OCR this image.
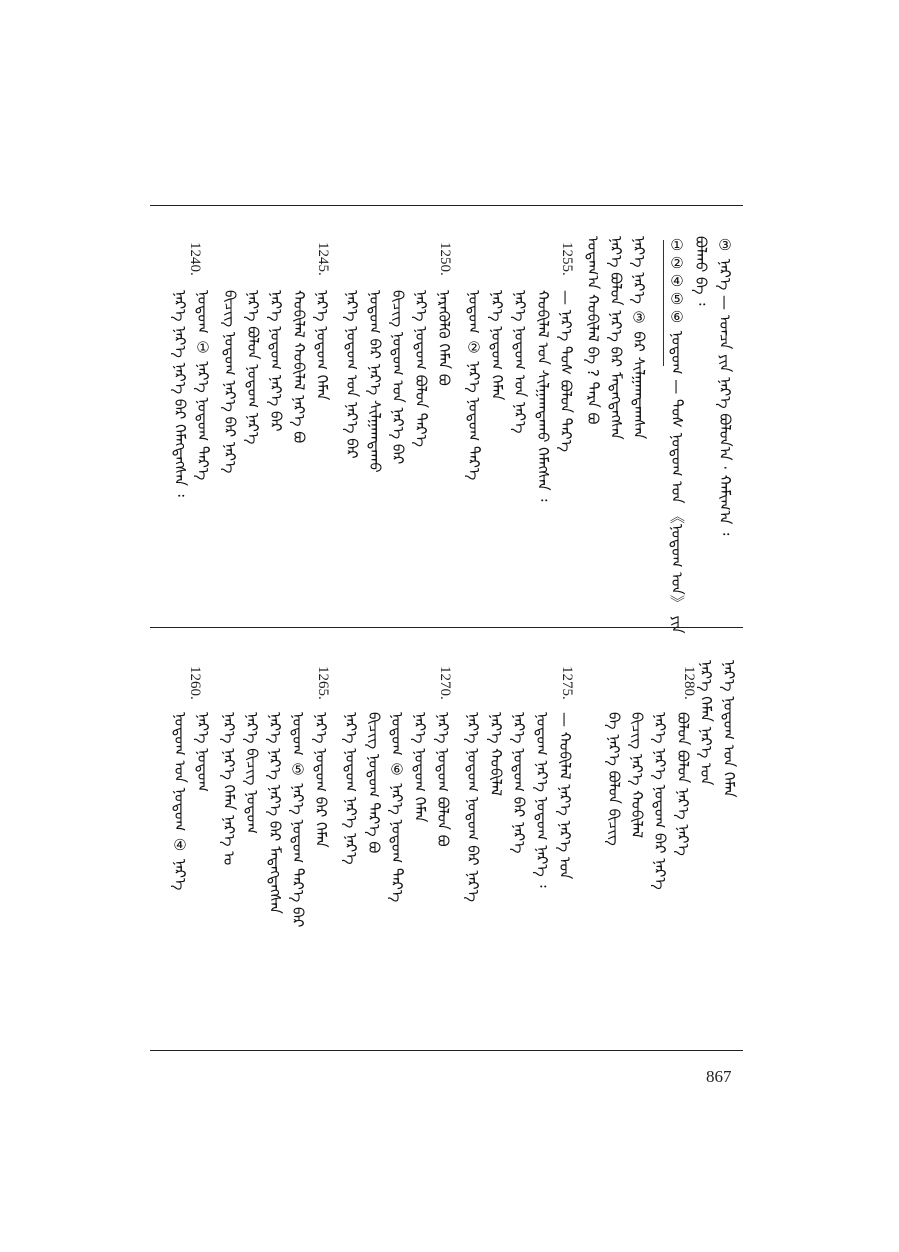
③ ᠨᠡᠷ᠎ᠡ — ᠣᠨᠴᠠ ᠶᠢᠨ ᠨᠡᠷ᠎ᠡ ᠪᠣᠯᠤᠨ᠎ᠠ · ᠬᠠᠮᠢᠭ᠎ᠠ ᠄
ᠪᠣᠯᠬᠤ ᠪᠠ ᠄
①②④⑤⑥ ᠨᠤᠲᠤᠭ — ᠲᠤᠰ ᠨᠤᠲᠤᠭ ᠤᠨ 《ᠨᠤᠲᠤᠭ ᠤᠨ》 ᠶᠢᠨ
ᠨᠡᠷ᠎ᠡ ᠨᠡᠷ᠎ᠡ ③ ᠪᠠᠷ ᠰᠢᠯᠭᠠᠭᠳᠠᠭᠰᠠᠨ
ᠨᠡᠷ᠎ᠡ ᠪᠣᠯᠤᠨ ᠨᠡᠷ᠎ᠡ ᠪᠠᠷ ᠮᠡᠳᠡᠭᠳᠡᠭᠰᠡᠨ
ᠤᠳᠠᠭ᠎ᠠ ᠬᠤᠪᠢᠯᠠᠯ ᠪᠠ ? ᠲᠡᠷᠡ ᠪᠤ
— ᠨᠡᠷ᠎ᠡ ᠲᠤᠰ ᠪᠣᠯᠤᠨ ᠲᠡᠷ᠎ᠡ
ᠬᠤᠪᠢᠯᠠᠯ ᠤᠨ ᠰᠢᠯᠭᠠᠭᠳᠠᠬᠤ ᠬᠡᠮᠡᠭᠰᠡᠨ ᠄
ᠨᠡᠷ᠎ᠡ ᠨᠤᠲᠤᠭ ᠤᠨ ᠨᠡᠷ᠎ᠡ
ᠨᠡᠷ᠎ᠡ ᠨᠤᠲᠤᠭ ᠬᠡᠮᠡᠨ
ᠨᠤᠲᠤᠭ ② ᠨᠡᠷ᠎ᠡ ᠨᠤᠲᠤᠭ ᠲᠡᠷ᠎ᠡ
ᠨᠡᠷᠡᠬᠦᠯᠬᠦ ᠬᠡᠮᠡᠨ ᠪᠤ
ᠨᠡᠷ᠎ᠡ ᠨᠤᠲᠤᠭ ᠪᠣᠯᠤᠨ ᠲᠡᠷ᠎ᠡ
ᠪᠢᠴᠢᠭ ᠨᠤᠲᠤᠭ ᠤᠨ ᠨᠡᠷ᠎ᠡ ᠪᠠᠷ
ᠨᠤᠲᠤᠭ ᠪᠠᠷ ᠨᠡᠷ᠎ᠡ ᠰᠢᠯᠭᠠᠭᠳᠠᠬᠤ
ᠨᠡᠷ᠎ᠡ ᠨᠤᠲᠤᠭ ᠤᠨ ᠨᠡᠷ᠎ᠡ ᠪᠠᠷ
ᠨᠡᠷ᠎ᠡ ᠨᠤᠲᠤᠭ ᠬᠡᠮᠡᠨ
ᠬᠤᠪᠢᠯᠠᠯ ᠬᠤᠪᠢᠯᠠᠯ ᠨᠡᠷ᠎ᠡ ᠪᠤ
ᠨᠡᠷ᠎ᠡ ᠨᠤᠲᠤᠭ ᠨᠡᠷ᠎ᠡ ᠪᠠᠷ
ᠨᠡᠷ᠎ᠡ ᠪᠣᠯᠤᠨ ᠨᠤᠲᠤᠭ ᠨᠡᠷ᠎ᠡ
ᠪᠢᠴᠢᠭ ᠨᠤᠲᠤᠭ ᠨᠡᠷ᠎ᠡ ᠪᠠᠷ ᠨᠡᠷ᠎ᠡ
ᠨᠤᠲᠤᠭ ① ᠨᠡᠷ᠎ᠡ ᠨᠤᠲᠤᠭ ᠲᠡᠷ᠎ᠡ
ᠨᠡᠷ᠎ᠡ ᠨᠡᠷ᠎ᠡ ᠨᠡᠷ᠎ᠡ ᠪᠠᠷ ᠬᠡᠮᠡᠭᠳᠡᠭᠰᠡᠨ ᠄
1255.
1250.
1245.
1240.
ᠨᠡᠷ᠎ᠡ ᠨᠤᠲᠤᠭ ᠤᠨ ᠬᠡᠮᠡᠨ
ᠨᠡᠷ᠎ᠡ ᠬᠡᠮᠡᠨ ᠨᠡᠷ᠎ᠡ ᠤᠨ
ᠪᠣᠯᠤᠨ ᠪᠣᠯᠤᠨ ᠨᠡᠷ᠎ᠡ ᠨᠡᠷ᠎ᠡ
ᠨᠡᠷ᠎ᠡ ᠨᠡᠷ᠎ᠡ ᠨᠤᠲᠤᠭ ᠪᠠᠷ ᠨᠡᠷ᠎ᠡ
ᠪᠢᠴᠢᠭ ᠨᠡᠷ᠎ᠡ ᠬᠤᠪᠢᠯᠠᠯ
ᠪᠠ ᠨᠡᠷ᠎ᠡ ᠪᠣᠯᠤᠨ ᠪᠢᠴᠢᠭ
— ᠬᠤᠪᠢᠯᠠᠯ ᠨᠡᠷ᠎ᠡ ᠨᠡᠷ᠎ᠡ ᠤᠨ
ᠨᠤᠲᠤᠭ ᠨᠡᠷ᠎ᠡ ᠨᠤᠲᠤᠭ ᠨᠡᠷ᠎ᠡ ᠄
ᠨᠡᠷ᠎ᠡ ᠨᠤᠲᠤᠭ ᠪᠠᠷ ᠨᠡᠷ᠎ᠡ
ᠨᠡᠷ᠎ᠡ ᠬᠤᠪᠢᠯᠠᠯ
ᠨᠡᠷ᠎ᠡ ᠨᠤᠲᠤᠭ ᠨᠤᠲᠤᠭ ᠪᠠᠷ ᠨᠡᠷ᠎ᠡ
ᠨᠡᠷ᠎ᠡ ᠨᠤᠲᠤᠭ ᠪᠣᠯᠤᠨ ᠪᠤ
ᠨᠡᠷ᠎ᠡ ᠨᠤᠲᠤᠭ ᠬᠡᠮᠡᠨ
ᠨᠤᠲᠤᠭ ⑥ ᠨᠡᠷ᠎ᠡ ᠨᠤᠲᠤᠭ ᠲᠡᠷ᠎ᠡ
ᠪᠢᠴᠢᠭ ᠨᠤᠲᠤᠭ ᠲᠡᠷ᠎ᠡ ᠪᠤ
ᠨᠡᠷ᠎ᠡ ᠨᠤᠲᠤᠭ ᠨᠡᠷ᠎ᠡ ᠨᠡᠷ᠎ᠡ
ᠨᠡᠷ᠎ᠡ ᠨᠤᠲᠤᠭ ᠪᠠᠷ ᠬᠡᠮᠡᠨ
ᠨᠤᠲᠤᠭ ⑤ ᠨᠡᠷ᠎ᠡ ᠨᠤᠲᠤᠭ ᠲᠡᠷ᠎ᠡ ᠪᠠᠷ
ᠨᠡᠷ᠎ᠡ ᠨᠡᠷ᠎ᠡ ᠨᠡᠷ᠎ᠡ ᠪᠠᠷ ᠮᠡᠳᠡᠭᠳᠡᠭᠰᠡᠨ
ᠨᠡᠷ᠎ᠡ ᠪᠢᠴᠢᠭ ᠨᠤᠲᠤᠭ
ᠨᠡᠷ᠎ᠡ ᠨᠡᠷ᠎ᠡ ᠬᠡᠮᠡᠨ ᠨᠡᠷ᠎ᠡ ᠣ
ᠨᠡᠷ᠎ᠡ ᠨᠤᠲᠤᠭ
ᠨᠤᠲᠤᠭ ᠤᠨ ᠨᠤᠲᠤᠭ ④ ᠨᠡᠷ᠎ᠡ
1280.
1275.
1270.
1265.
1260.
867
